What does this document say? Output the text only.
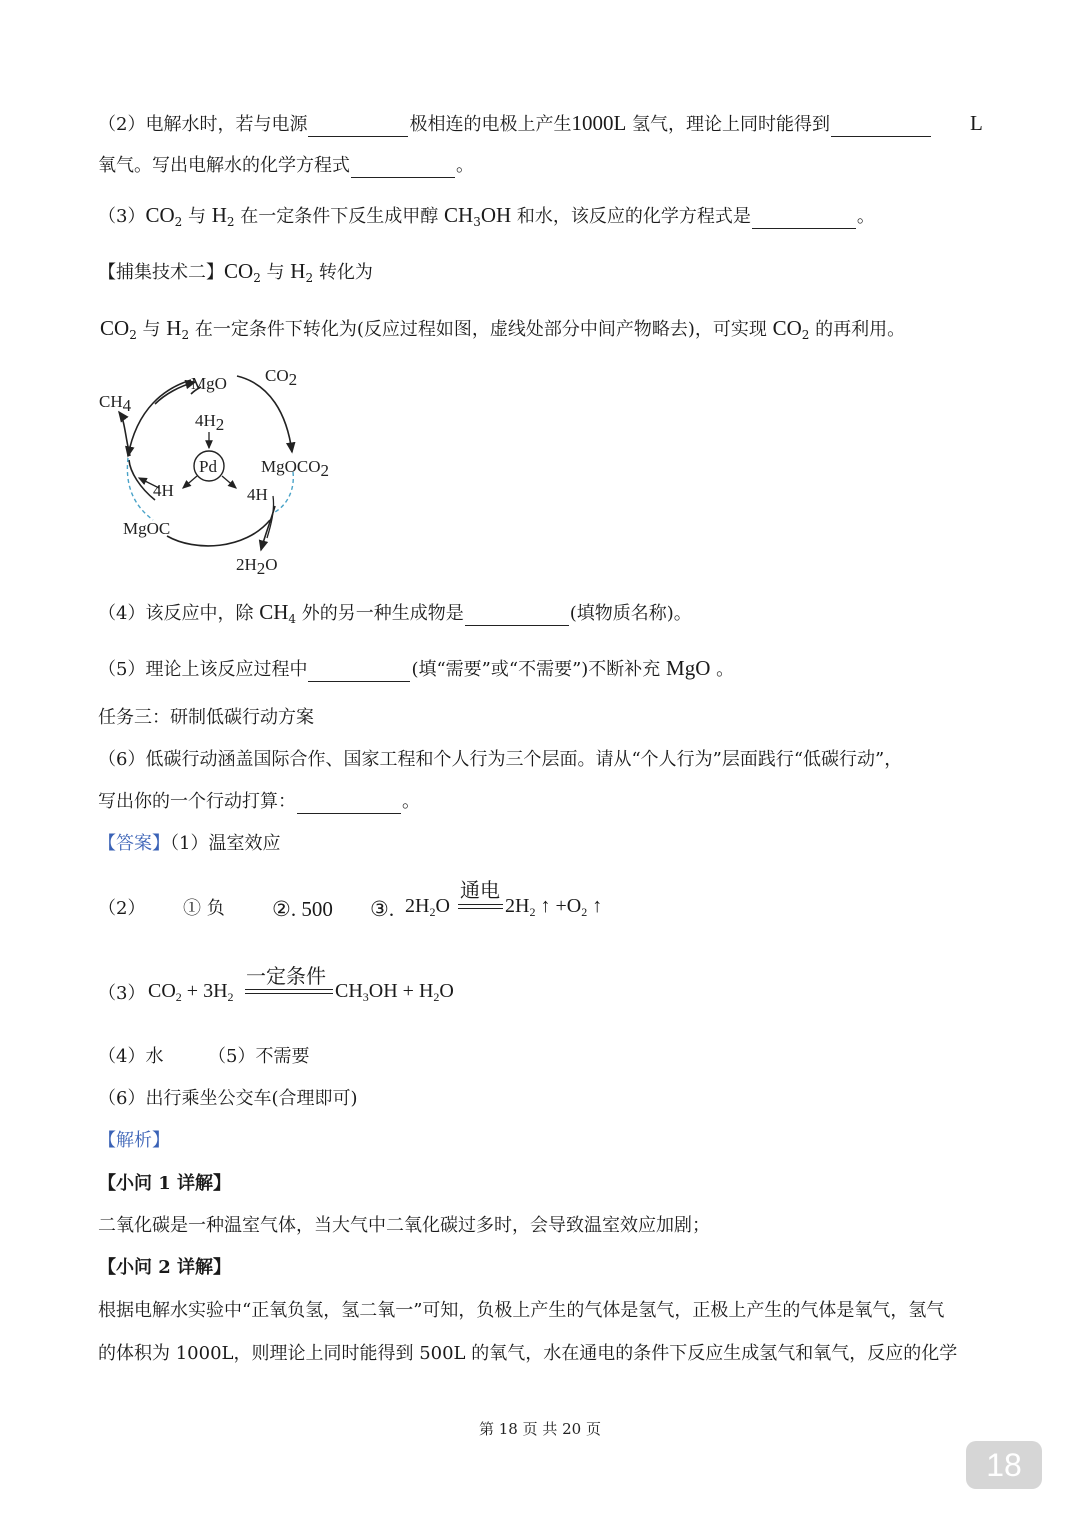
（2）电解水时，若与电源	极相连的电极上产生1000L 氢气，理论上同时能得到	L
氧气。写出电解水的化学方程式	。
$(3)CO_2$ 与 $H_2$ 在一定条件下反生成甲醇 $CH_3OH$ 和水，该反应的化学方程式是	。
【捕集技术二】$CO_2$ 与 $H_2$ 转化为
$CO_2$ 与 $H_2$ 在一定条件下转化为(反应过程如图，虚线处部分中间产物略去)，可实现 $CO_2$ 的再利用。
MgO CO2
CH4
4H2
Pd	MgOCO2
4H	4H
MgOC
2H2O
（4）该反应中，除 $CH_4$ 外的另一种生成物是	(填物质名称)。
（5）理论上该反应过程中	(填“需要”或“不需要”)不断补充 MgO 。
任务三：研制低碳行动方案
（6）低碳行动涵盖国际合作、国家工程和个人行为三个层面。请从“个人行为”层面践行“低碳行动”，
写出你的一个行动打算：	。
【答案】（1）温室效应
（2） ① 负 ②. 500 ③. $2H_2O$
通电
$2H_2$ ↑ $+O_2$ ↑
（3） $CO_2 + 3H_2$
一定条件
$CH_3OH + H_2O$
（4）水 （5）不需要
（6）出行乘坐公交车(合理即可)
【解析】
【小问 1 详解】
二氧化碳是一种温室气体，当大气中二氧化碳过多时，会导致温室效应加剧；
【小问 2 详解】
根据电解水实验中“正氧负氢，氢二氧一”可知，负极上产生的气体是氢气，正极上产生的气体是氧气，氢气
的体积为 1000L，则理论上同时能得到 500L 的氧气，水在通电的条件下反应生成氢气和氧气，反应的化学
第 18 页 共 20 页
18
